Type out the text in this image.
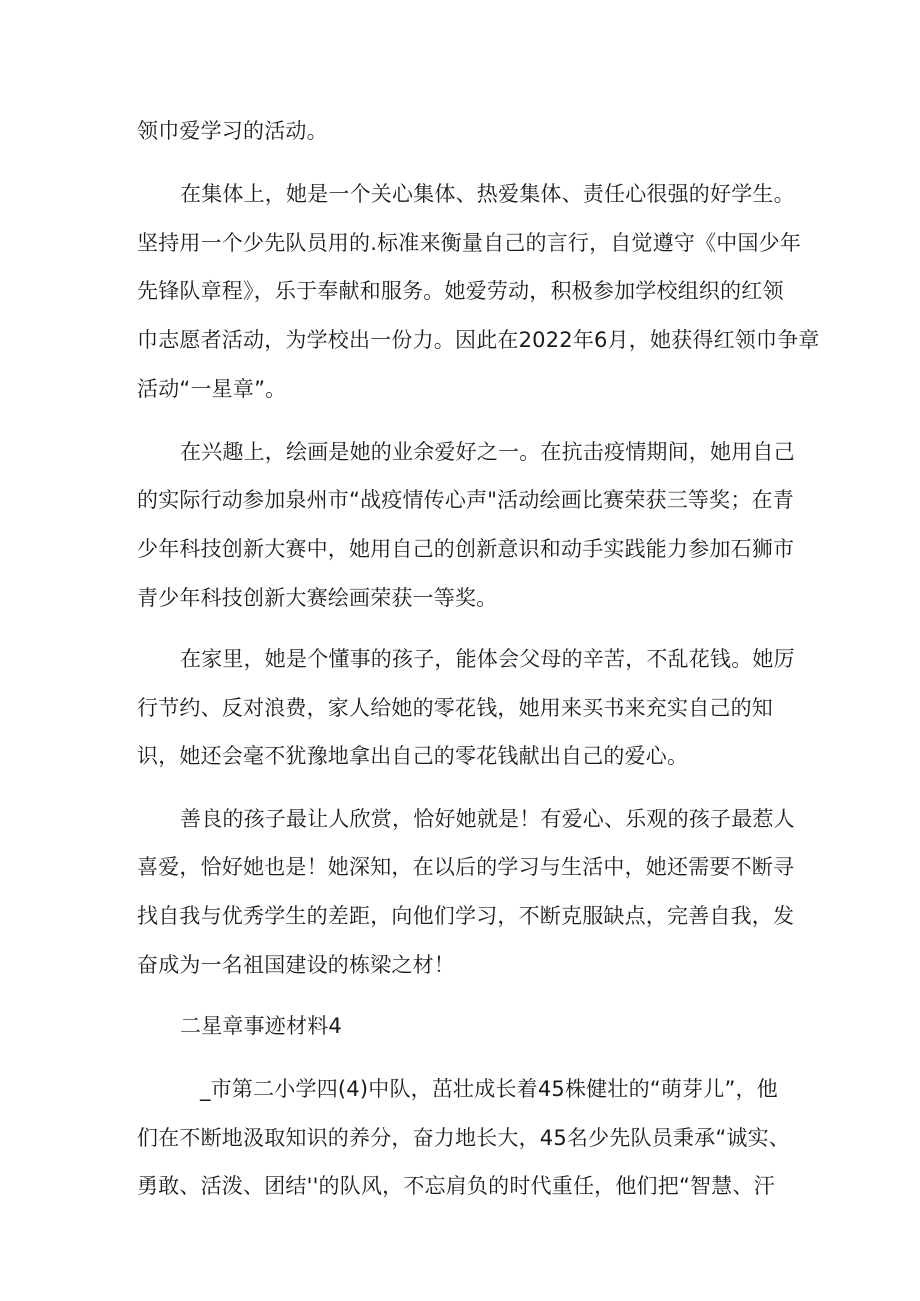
领巾爱学习的活动。
在集体上，她是一个关心集体、热爱集体、责任心很强的好学生。
坚持用一个少先队员用的.标准来衡量自己的言行，自觉遵守《中国少年
先锋队章程》，乐于奉献和服务。她爱劳动，积极参加学校组织的红领
巾志愿者活动，为学校出一份力。因此在2022年6月，她获得红领巾争章
活动“一星章”。
在兴趣上，绘画是她的业余爱好之一。在抗击疫情期间，她用自己
的实际行动参加泉州市“战疫情传心声"活动绘画比赛荣获三等奖；在青
少年科技创新大赛中，她用自己的创新意识和动手实践能力参加石狮市
青少年科技创新大赛绘画荣获一等奖。
在家里，她是个懂事的孩子，能体会父母的辛苦，不乱花钱。她厉
行节约、反对浪费，家人给她的零花钱，她用来买书来充实自己的知
识，她还会毫不犹豫地拿出自己的零花钱献出自己的爱心。
善良的孩子最让人欣赏，恰好她就是！有爱心、乐观的孩子最惹人
喜爱，恰好她也是！她深知，在以后的学习与生活中，她还需要不断寻
找自我与优秀学生的差距，向他们学习，不断克服缺点，完善自我，发
奋成为一名祖国建设的栋梁之材！
二星章事迹材料4
_市第二小学四(4)中队，茁壮成长着45株健壮的“萌芽儿”，他
们在不断地汲取知识的养分，奋力地长大，45名少先队员秉承“诚实、
勇敢、活泼、团结''的队风，不忘肩负的时代重任，他们把“智慧、汗
